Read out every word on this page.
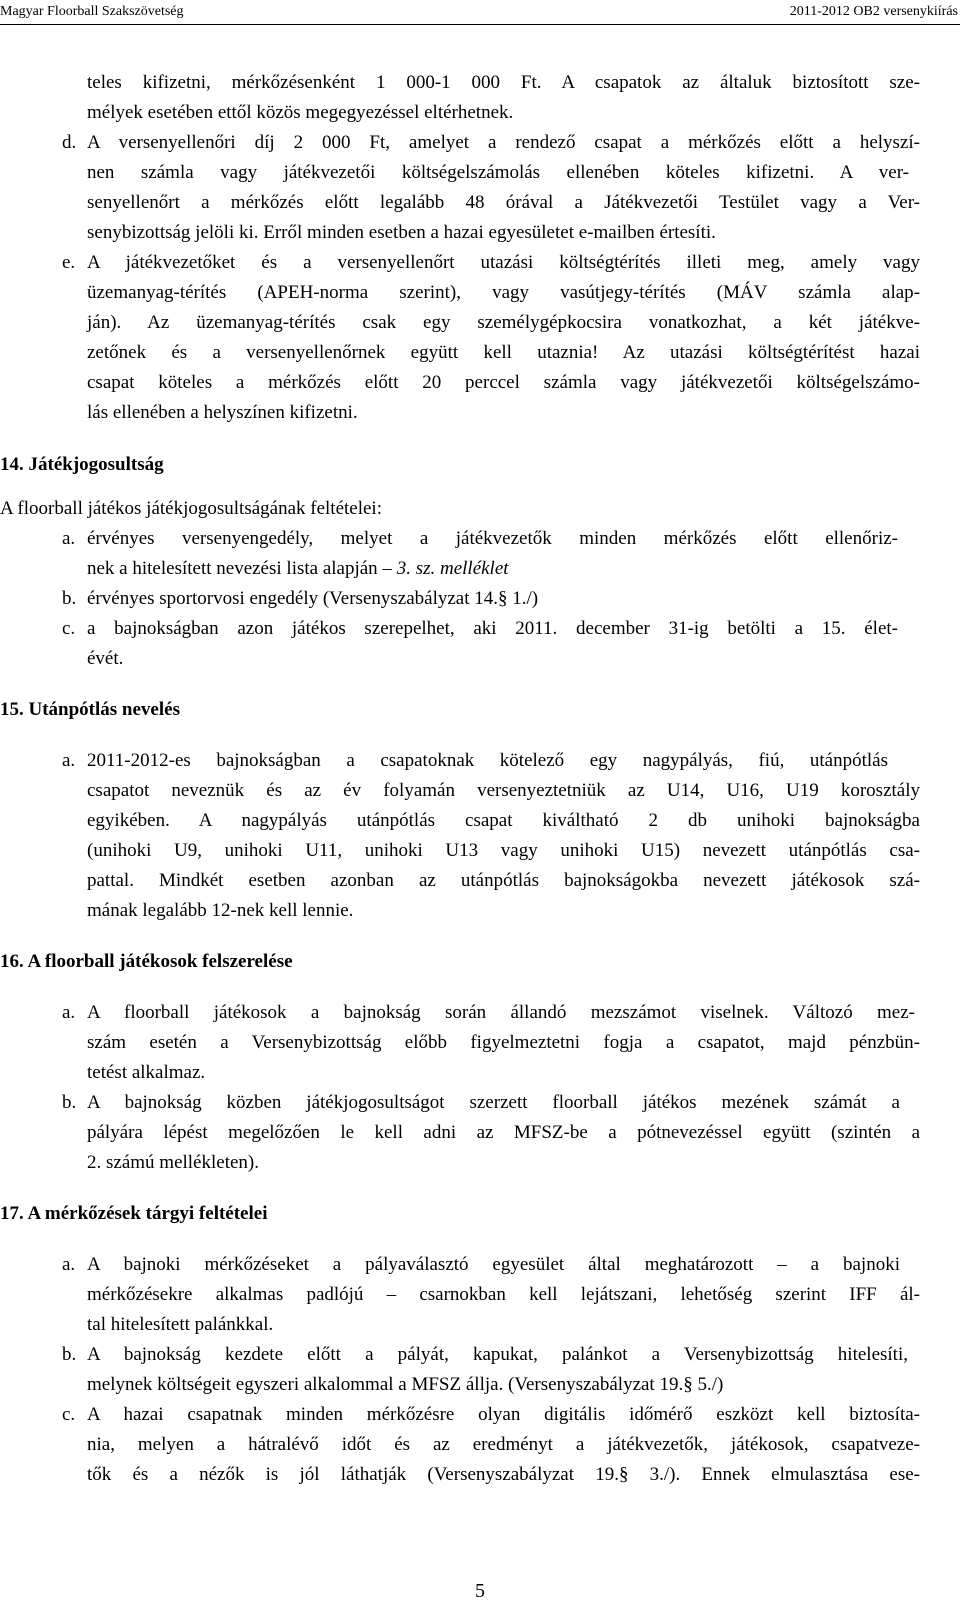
Magyar Floorball Szakszövetség	2011-2012 OB2 versenykiírás
teles kifizetni, mérkőzésenként 1 000-1 000 Ft. A csapatok az általuk biztosított sze-
mélyek esetében ettől közös megegyezéssel eltérhetnek.
d. A versenyellenőri díj 2 000 Ft, amelyet a rendező csapat a mérkőzés előtt a helyszí-
nen számla vagy játékvezetői költségelszámolás ellenében köteles kifizetni. A ver-
senyellenőrt a mérkőzés előtt legalább 48 órával a Játékvezetői Testület vagy a Ver-
senybizottság jelöli ki. Erről minden esetben a hazai egyesületet e-mailben értesíti.
e. A játékvezetőket és a versenyellenőrt utazási költségtérítés illeti meg, amely vagy
üzemanyag-térítés (APEH-norma szerint), vagy vasútjegy-térítés (MÁV számla alap-
ján). Az üzemanyag-térítés csak egy személygépkocsira vonatkozhat, a két játékve-
zetőnek és a versenyellenőrnek együtt kell utaznia! Az utazási költségtérítést hazai
csapat köteles a mérkőzés előtt 20 perccel számla vagy játékvezetői költségelszámo-
lás ellenében a helyszínen kifizetni.
14. Játékjogosultság
A floorball játékos játékjogosultságának feltételei:
a. érvényes versenyengedély, melyet a játékvezetők minden mérkőzés előtt ellenőriz-
nek a hitelesített nevezési lista alapján – 3. sz. melléklet
b. érvényes sportorvosi engedély (Versenyszabályzat 14.§ 1./)
c. a bajnokságban azon játékos szerepelhet, aki 2011. december 31-ig betölti a 15. élet-
évét.
15. Utánpótlás nevelés
a. 2011-2012-es bajnokságban a csapatoknak kötelező egy nagypályás, fiú, utánpótlás
csapatot neveznük és az év folyamán versenyeztetniük az U14, U16, U19 korosztály
egyikében. A nagypályás utánpótlás csapat kiváltható 2 db unihoki bajnokságba
(unihoki U9, unihoki U11, unihoki U13 vagy unihoki U15) nevezett utánpótlás csa-
pattal. Mindkét esetben azonban az utánpótlás bajnokságokba nevezett játékosok szá-
mának legalább 12-nek kell lennie.
16. A floorball játékosok felszerelése
a. A floorball játékosok a bajnokság során állandó mezszámot viselnek. Változó mez-
szám esetén a Versenybizottság előbb figyelmeztetni fogja a csapatot, majd pénzbün-
tetést alkalmaz.
b. A bajnokság közben játékjogosultságot szerzett floorball játékos mezének számát a
pályára lépést megelőzően le kell adni az MFSZ-be a pótnevezéssel együtt (szintén a
2. számú mellékleten).
17. A mérkőzések tárgyi feltételei
a. A bajnoki mérkőzéseket a pályaválasztó egyesület által meghatározott – a bajnoki
mérkőzésekre alkalmas padlójú – csarnokban kell lejátszani, lehetőség szerint IFF ál-
tal hitelesített palánkkal.
b. A bajnokság kezdete előtt a pályát, kapukat, palánkot a Versenybizottság hitelesíti,
melynek költségeit egyszeri alkalommal a MFSZ állja. (Versenyszabályzat 19.§ 5./)
c. A hazai csapatnak minden mérkőzésre olyan digitális időmérő eszközt kell biztosíta-
nia, melyen a hátralévő időt és az eredményt a játékvezetők, játékosok, csapatveze-
tők és a nézők is jól láthatják (Versenyszabályzat 19.§ 3./). Ennek elmulasztása ese-
5
